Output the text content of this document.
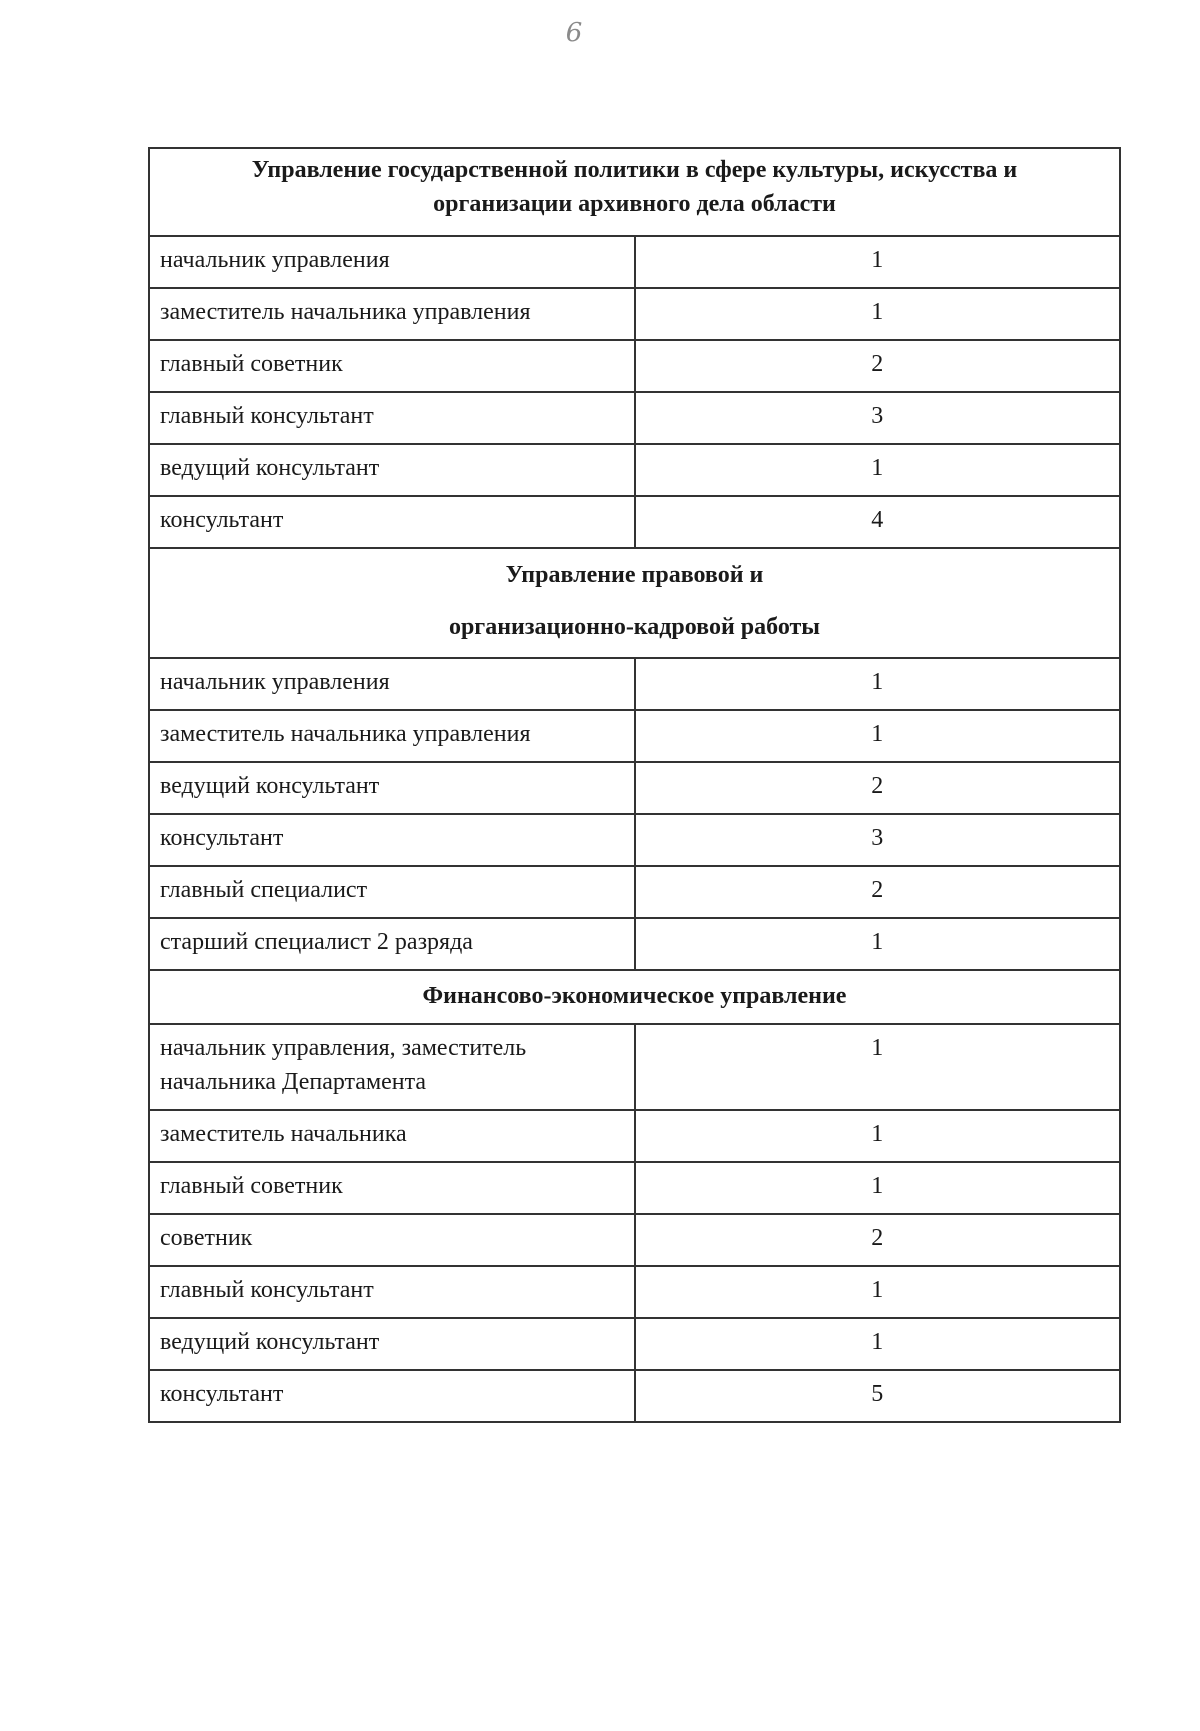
6
Управление государственной политики в сфере культуры, искусства и
организации архивного дела области	

начальник управления	1
заместитель начальника управления	1
главный советник	2
главный консультант	3
ведущий консультант	1
консультант	4

Управление правовой и
организационно-кадровой работы	

начальник управления	1
заместитель начальника управления	1
ведущий консультант	2
консультант	3
главный специалист	2
старший специалист 2 разряда	1

Финансово-экономическое управление	

начальник управления, заместитель начальника Департамента	1
заместитель начальника	1
главный советник	1
советник	2
главный консультант	1
ведущий консультант	1
консультант	5
